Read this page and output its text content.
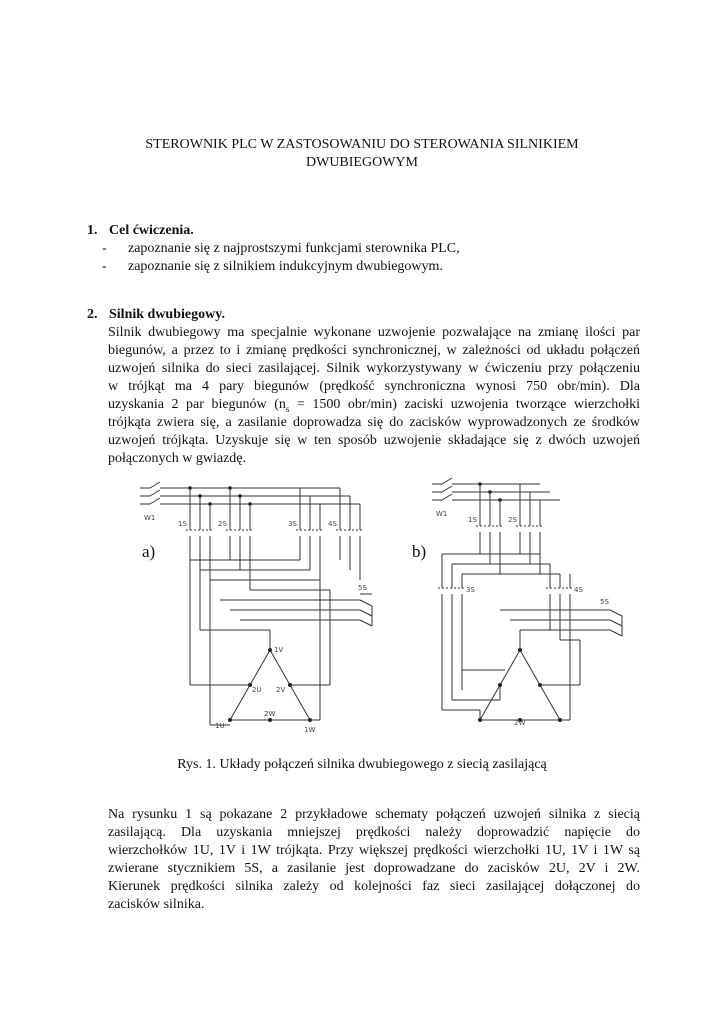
STEROWNIK PLC W ZASTOSOWANIU DO STEROWANIA SILNIKIEM
DWUBIEGOWYM
1. Cel ćwiczenia.
- zapoznanie się z najprostszymi funkcjami sterownika PLC,
- zapoznanie się z silnikiem indukcyjnym dwubiegowym.
2. Silnik dwubiegowy.
Silnik dwubiegowy ma specjalnie wykonane uzwojenie pozwalające na zmianę ilości par
biegunów, a przez to i zmianę prędkości synchronicznej, w zależności od układu połączeń
uzwojeń silnika do sieci zasilającej. Silnik wykorzystywany w ćwiczeniu przy połączeniu
w trójkąt ma 4 pary biegunów (prędkość synchroniczna wynosi 750 obr/min). Dla
uzyskania 2 par biegunów ($n_s = 1500$ obr/min) zaciski uzwojenia tworzące wierzchołki
trójkąta zwiera się, a zasilanie doprowadza się do zacisków wyprowadzonych ze środków
uzwojeń trójkąta. Uzyskuje się w ten sposób uzwojenie składające się z dwóch uzwojeń
połączonych w gwiazdę.
W1
1S	2S	3S	4S
5S
1V
1U	1W
2U 2V
2W
W1
1S	2S
3S	4S
5S
2W
a)	b)
Rys. 1. Układy połączeń silnika dwubiegowego z siecią zasilającą
Na rysunku 1 są pokazane 2 przykładowe schematy połączeń uzwojeń silnika z siecią
zasilającą. Dla uzyskania mniejszej prędkości należy doprowadzić napięcie do
wierzchołków 1U, 1V i 1W trójkąta. Przy większej prędkości wierzchołki 1U, 1V i 1W są
zwierane stycznikiem 5S, a zasilanie jest doprowadzane do zacisków 2U, 2V i 2W.
Kierunek prędkości silnika zależy od kolejności faz sieci zasilającej dołączonej do
zacisków silnika.
